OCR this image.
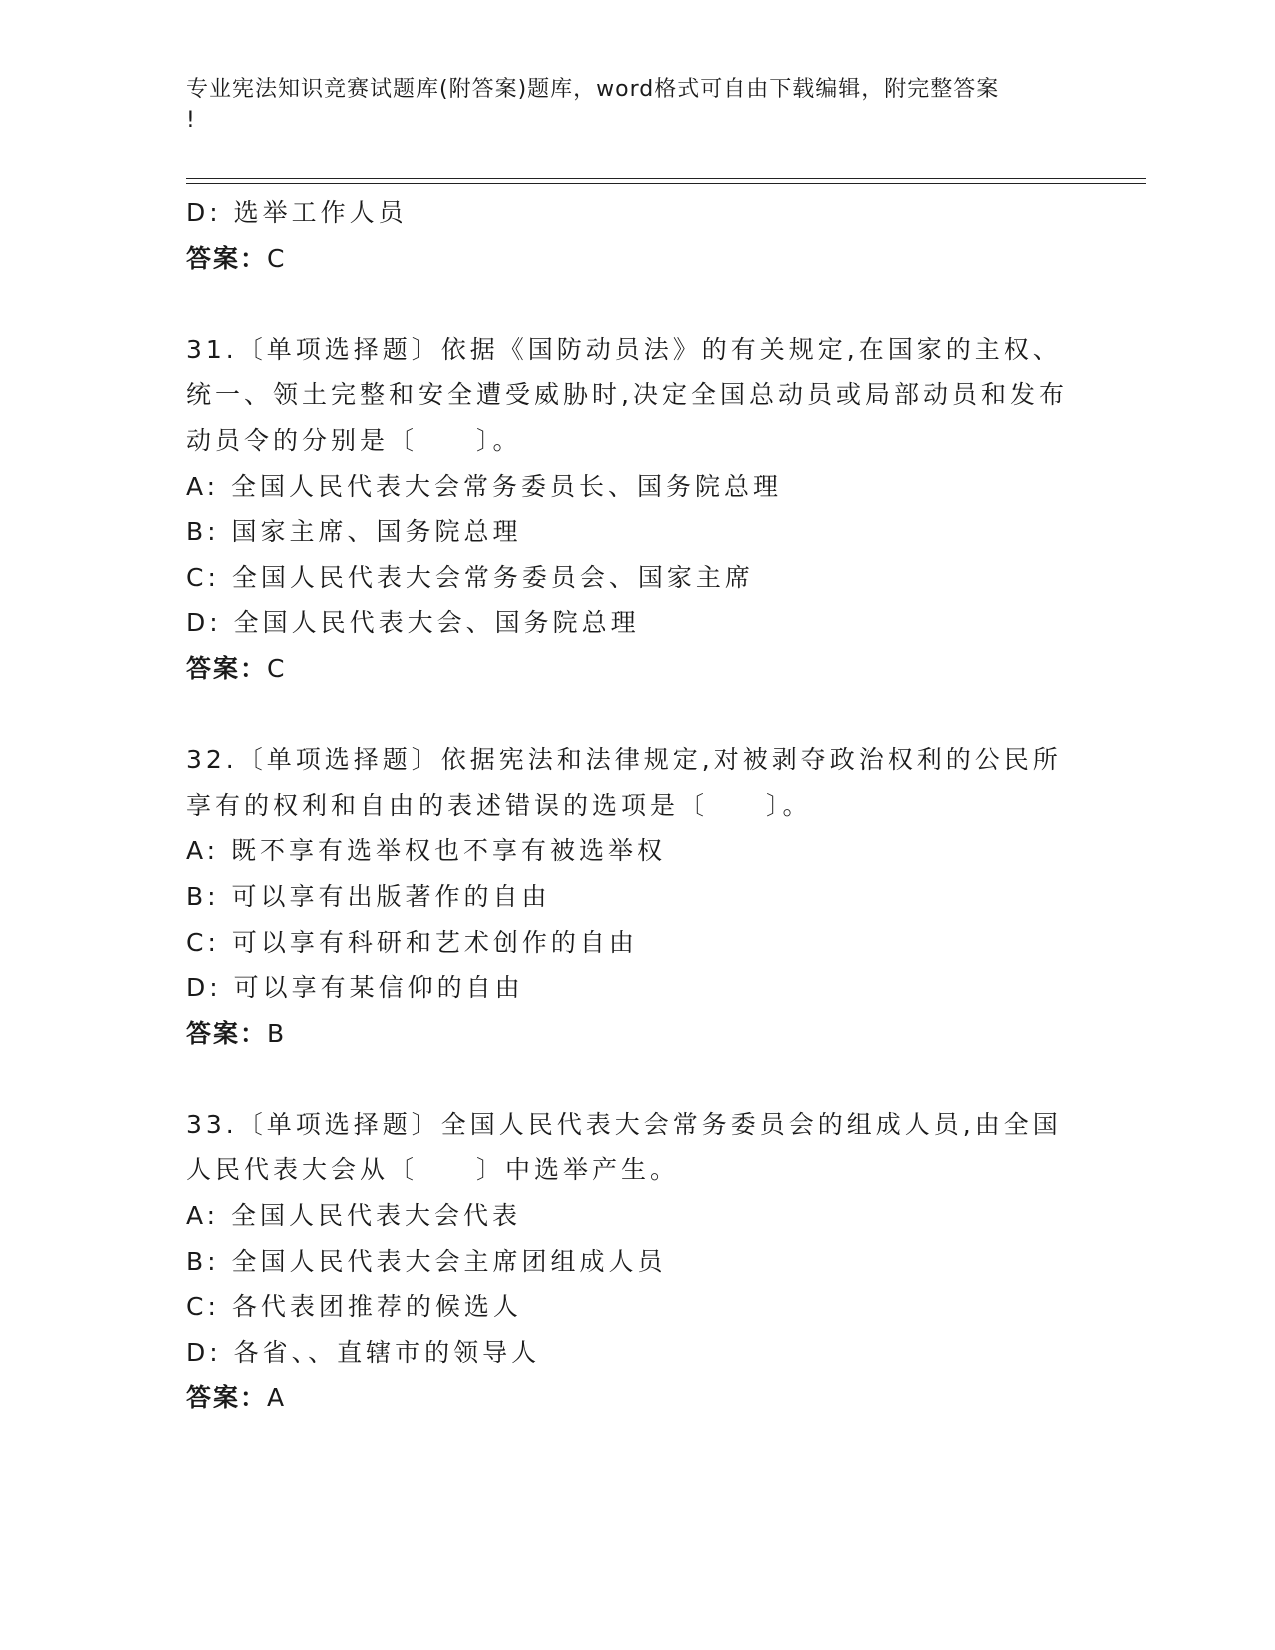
专业宪法知识竞赛试题库(附答案)题库，word格式可自由下载编辑，附完整答案
!
D: 选举工作人员
答案：C
31.〔单项选择题〕依据《国防动员法》的有关规定,在国家的主权、
统一、领土完整和安全遭受威胁时,决定全国总动员或局部动员和发布
动员令的分别是〔　　〕。
A: 全国人民代表大会常务委员长、国务院总理
B: 国家主席、国务院总理
C: 全国人民代表大会常务委员会、国家主席
D: 全国人民代表大会、国务院总理
答案：C
32.〔单项选择题〕依据宪法和法律规定,对被剥夺政治权利的公民所
享有的权利和自由的表述错误的选项是〔　　〕。
A: 既不享有选举权也不享有被选举权
B: 可以享有出版著作的自由
C: 可以享有科研和艺术创作的自由
D: 可以享有某信仰的自由
答案：B
33.〔单项选择题〕全国人民代表大会常务委员会的组成人员,由全国
人民代表大会从〔　　〕中选举产生。
A: 全国人民代表大会代表
B: 全国人民代表大会主席团组成人员
C: 各代表团推荐的候选人
D: 各省、、直辖市的领导人
答案：A
